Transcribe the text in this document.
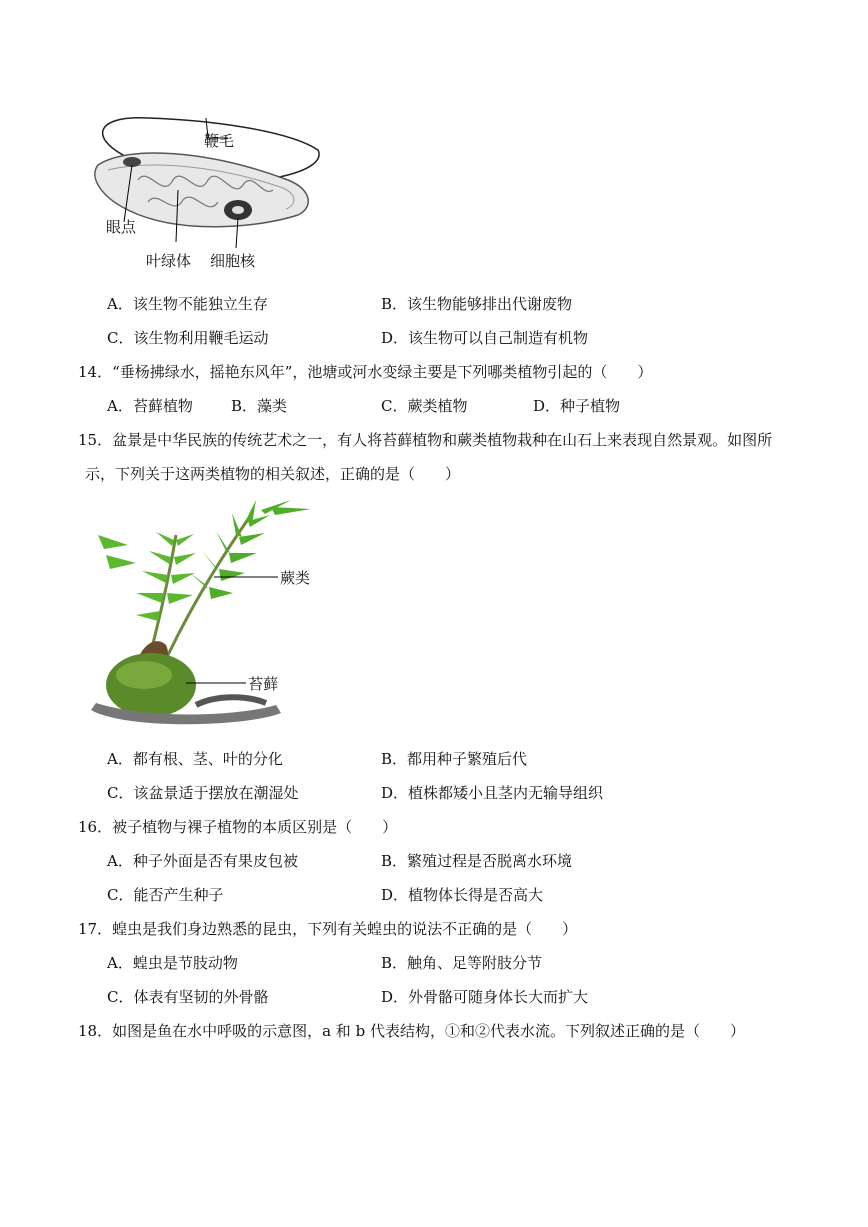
鞭毛
眼点
叶绿体 细胞核
A．该生物不能独立生存	B．该生物能够排出代谢废物
C．该生物利用鞭毛运动	D．该生物可以自己制造有机物
14．“垂杨拂绿水，摇艳东风年”，池塘或河水变绿主要是下列哪类植物引起的（　　）
A．苔藓植物	B．藻类	C．蕨类植物	D．种子植物
15．盆景是中华民族的传统艺术之一，有人将苔藓植物和蕨类植物栽种在山石上来表现自然景观。如图所
示，下列关于这两类植物的相关叙述，正确的是（　　）
蕨类
苔藓
A．都有根、茎、叶的分化	B．都用种子繁殖后代
C．该盆景适于摆放在潮湿处	D．植株都矮小且茎内无输导组织
16．被子植物与裸子植物的本质区别是（　　）
A．种子外面是否有果皮包被	B．繁殖过程是否脱离水环境
C．能否产生种子	D．植物体长得是否高大
17．蝗虫是我们身边熟悉的昆虫，下列有关蝗虫的说法不正确的是（　　）
A．蝗虫是节肢动物	B．触角、足等附肢分节
C．体表有坚韧的外骨骼	D．外骨骼可随身体长大而扩大
18．如图是鱼在水中呼吸的示意图，a 和 b 代表结构，①和②代表水流。下列叙述正确的是（　　）
